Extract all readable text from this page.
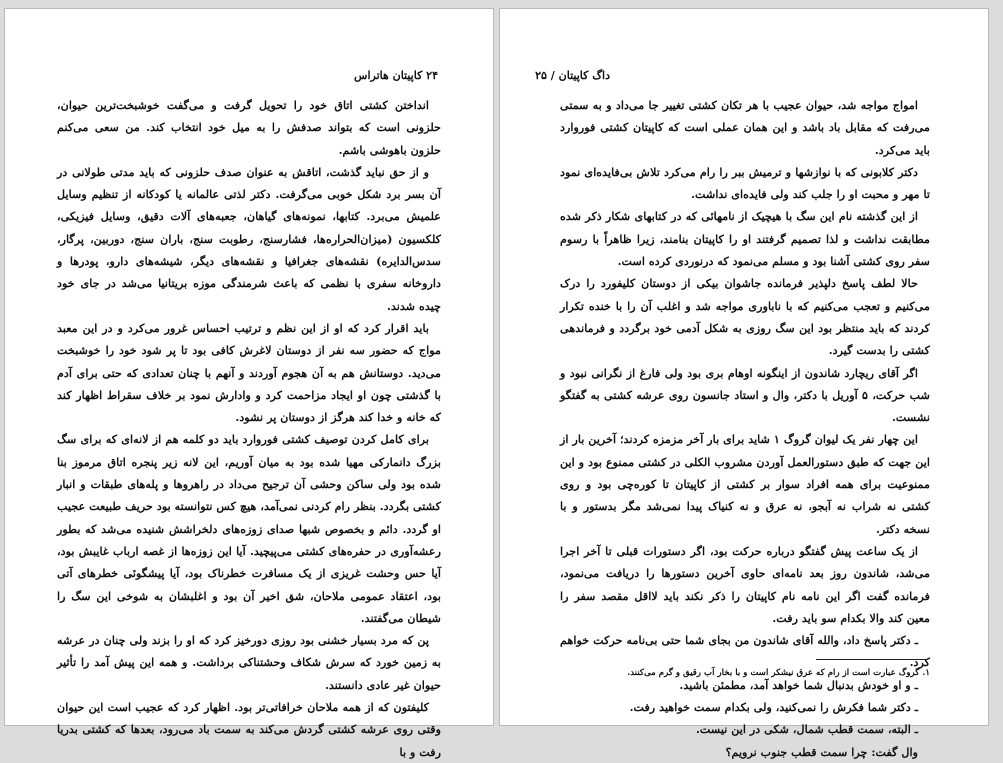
۲۴ کاپیتان هاتراس

انداختن کشتی اتاق خود را تحویل گرفت و می‌گفت خوشبخت‌ترین حیوان، حلزونی است که بتواند صدفش را به میل خود انتخاب کند. من سعی می‌کنم حلزون باهوشی باشم.

و از حق نباید گذشت، اتاقش به عنوان صدف حلزونی که باید مدتی طولانی در آن بسر برد شکل خوبی می‌گرفت. دکتر لذتی عالمانه یا کودکانه از تنظیم وسایل علمیش می‌برد. کتابها، نمونه‌های گیاهان، جعبه‌های آلات دقیق، وسایل فیزیکی، کلکسیون (میزان‌الحراره‌ها، فشارسنج، رطوبت سنج، باران سنج، دوربین، پرگار، سدس‌الدایره) نقشه‌های جغرافیا و نقشه‌های دیگر، شیشه‌های دارو، پودرها و داروخانه سفری با نظمی که باعث شرمندگی موزه بریتانیا می‌شد در جای خود چیده شدند.

باید اقرار کرد که او از این نظم و ترتیب احساس غرور می‌کرد و در این معبد مواج که حضور سه نفر از دوستان لاغرش کافی بود تا پر شود خود را خوشبخت می‌دید. دوستانش هم به آن هجوم آوردند و آنهم با چنان تعدادی که حتی برای آدم با گذشتی چون او ایجاد مزاحمت کرد و وادارش نمود بر خلاف سقراط اظهار کند که خانه و خدا کند هرگز از دوستان پر نشود.

برای کامل کردن توصیف کشتی فوروارد باید دو کلمه هم از لانه‌ای که برای سگ بزرگ دانمارکی مهیا شده بود به میان آوریم، این لانه زیر پنجره اتاق مرموز بنا شده بود ولی ساکن وحشی آن ترجیح می‌داد در راهروها و پله‌های طبقات و انبار کشتی بگردد. بنظر رام کردنی نمی‌آمد، هیچ کس نتوانسته بود حریف طبیعت عجیب او گردد. دائم و بخصوص شبها صدای زوزه‌های دلخراشش شنیده می‌شد که بطور رعشه‌آوری در حفره‌های کشتی می‌پیچید. آیا این زوزه‌ها از غصه ارباب غایبش بود، آیا حس وحشت غریزی از یک مسافرت خطرناک بود، آیا پیشگوئی خطرهای آتی بود، اعتقاد عمومی ملاحان، شق اخیر آن بود و اغلبشان به شوخی این سگ را شیطان می‌گفتند.

پن که مرد بسیار خشنی بود روزی دورخیز کرد که او را بزند ولی چنان در عرشه به زمین خورد که سرش شکاف وحشتناکی برداشت. و همه این پیش آمد را تأثیر حیوان غیر عادی دانستند.

کلیفتون که از همه ملاحان خرافاتی‌تر بود. اظهار کرد که عجیب است این حیوان وقتی روی عرشه کشتی گردش می‌کند به سمت باد می‌رود، بعدها که کشتی بدریا رفت و با

داگ کاپیتان / ۲۵

امواج مواجه شد، حیوان عجیب با هر تکان کشتی تغییر جا می‌داد و به سمتی می‌رفت که مقابل باد باشد و این همان عملی است که کاپیتان کشتی فوروارد باید می‌کرد.

دکتر کلابونی که با نوازشها و ترمیش ببر را رام می‌کرد تلاش بی‌فایده‌ای نمود تا مهر و محبت او را جلب کند ولی فایده‌ای نداشت.

از این گذشته نام این سگ با هیچیک از نامهائی که در کتابهای شکار ذکر شده مطابقت نداشت و لذا تصمیم گرفتند او را کاپیتان بنامند، زیرا ظاهراً با رسوم سفر روی کشتی آشنا بود و مسلم می‌نمود که درنوردی کرده است.

حالا لطف پاسخ دلپذیر فرمانده جاشوان بیکی از دوستان کلیفورد را درک می‌کنیم و تعجب می‌کنیم که با ناباوری مواجه شد و اغلب آن را با خنده تکرار کردند که باید منتظر بود این سگ روزی به شکل آدمی خود برگردد و فرماندهی کشتی را بدست گیرد.

اگر آقای ریچارد شاندون از اینگونه اوهام بری بود ولی فارغ از نگرانی نبود و شب حرکت، ۵ آوریل با دکتر، وال و استاد جانسون روی عرشه کشتی به گفتگو نشست.

این چهار نفر یک لیوان گروگ ۱ شاید برای بار آخر مزمزه کردند؛ آخرین بار از این جهت که طبق دستورالعمل آوردن مشروب الکلی در کشتی ممنوع بود و این ممنوعیت برای همه افراد سوار بر کشتی از کاپیتان تا کوره‌چی بود و روی کشتی نه شراب نه آبجو، نه عرق و نه کنیاک پیدا نمی‌شد مگر بدستور و با نسخه دکتر.

از یک ساعت پیش گفتگو درباره حرکت بود، اگر دستورات قبلی تا آخر اجرا می‌شد، شاندون روز بعد نامه‌ای حاوی آخرین دستورها را دریافت می‌نمود، فرمانده گفت اگر این نامه نام کاپیتان را ذکر نکند باید لااقل مقصد سفر را معین کند والا بکدام سو باید رفت.

ـ دکتر پاسخ داد، والله آقای شاندون من بجای شما حتی بی‌نامه حرکت خواهم کرد.

ـ و او خودش بدنبال شما خواهد آمد، مطمئن باشید.

ـ دکتر شما فکرش را نمی‌کنید، ولی بکدام سمت خواهید رفت.

ـ البته، سمت قطب شمال، شکی در این نیست.

وال گفت: چرا سمت قطب جنوب نرویم؟

۱. گروگ عبارت است از رام که عرق نیشکر است و با بخار آب رقیق و گرم می‌کنند.
